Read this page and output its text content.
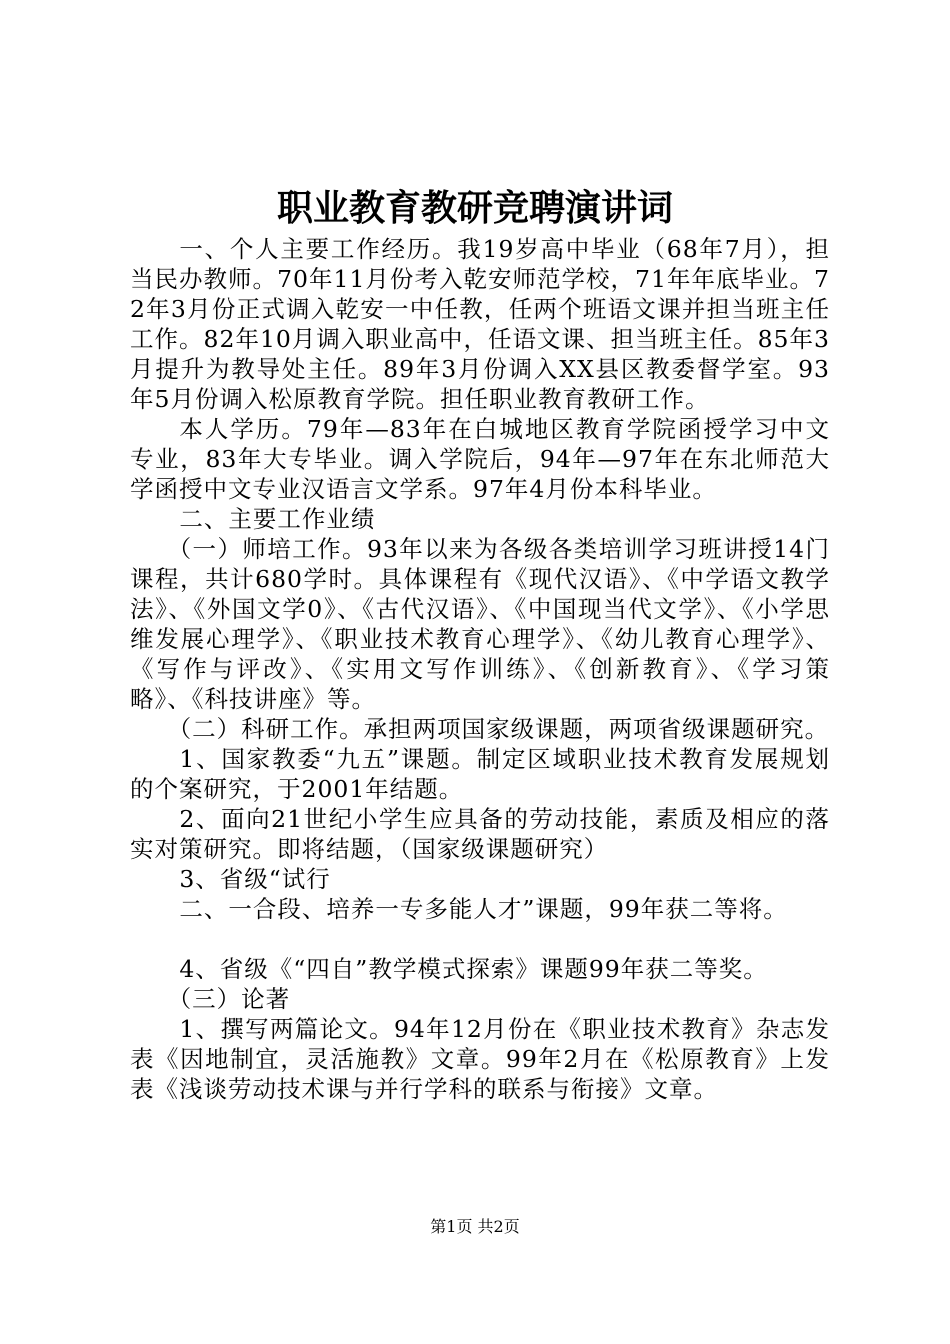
职业教育教研竞聘演讲词

一、个人主要工作经历。我19岁高中毕业（68年7月），担当民办教师。70年11月份考入乾安师范学校，71年年底毕业。72年3月份正式调入乾安一中任教，任两个班语文课并担当班主任工作。82年10月调入职业高中，任语文课、担当班主任。85年3月提升为教导处主任。89年3月份调入XX县区教委督学室。93年5月份调入松原教育学院。担任职业教育教研工作。

本人学历。79年—83年在白城地区教育学院函授学习中文专业，83年大专毕业。调入学院后，94年—97年在东北师范大学函授中文专业汉语言文学系。97年4月份本科毕业。

二、主要工作业绩

（一）师培工作。93年以来为各级各类培训学习班讲授14门课程，共计680学时。具体课程有《现代汉语》、《中学语文教学法》、《外国文学0》、《古代汉语》、《中国现当代文学》、《小学思维发展心理学》、《职业技术教育心理学》、《幼儿教育心理学》、《写作与评改》、《实用文写作训练》、《创新教育》、《学习策略》、《科技讲座》等。

（二）科研工作。承担两项国家级课题，两项省级课题研究。

1、国家教委“九五”课题。制定区域职业技术教育发展规划的个案研究，于2001年结题。

2、面向21世纪小学生应具备的劳动技能，素质及相应的落实对策研究。即将结题，（国家级课题研究）

3、省级“试行

二、一合段、培养一专多能人才”课题，99年获二等将。

4、省级《“四自”教学模式探索》课题99年获二等奖。

（三）论著

1、撰写两篇论文。94年12月份在《职业技术教育》杂志发表《因地制宜，灵活施教》文章。99年2月在《松原教育》上发表《浅谈劳动技术课与并行学科的联系与衔接》文章。

第1页 共2页
